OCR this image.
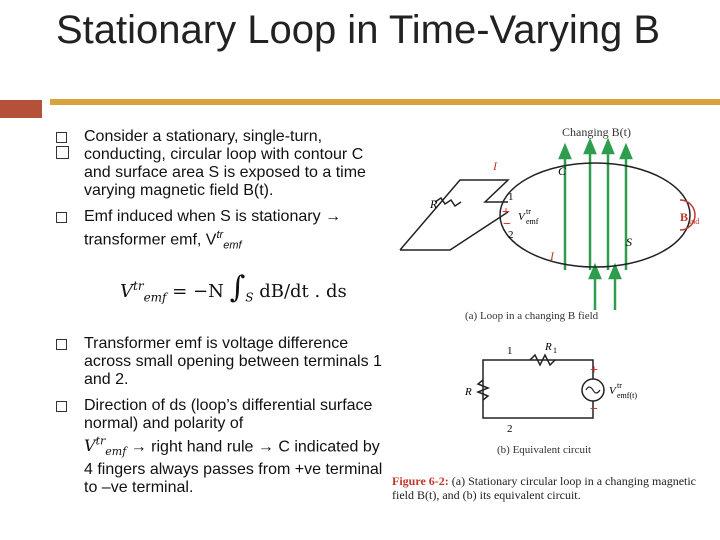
Stationary Loop in Time-Varying B
Consider a stationary, single-turn, conducting, circular loop with contour C and surface area S is exposed to a time varying magnetic field B(t).
Emf induced when S is stationary → transformer emf, $V^{tr}_{emf}$
Transformer emf is voltage difference across small opening between terminals 1 and 2.
Direction of ds (loop’s differential surface normal) and polarity of
$V^{tr}_{emf}$ → right hand rule → C indicated by 4 fingers always passes from +ve terminal to –ve terminal.
$V^{tr}_{emf} = -N$ $\int_S$ dB/dt . ds
Changing B(t)
R
I	C
1
2
+
− V tr
emf
S
I
B ind
(a) Loop in a changing B field
R 1
R
1
2
+
−
V tr
emf(t)
(b) Equivalent circuit
Figure 6-2: (a) Stationary circular loop in a changing magnetic field B(t), and (b) its equivalent circuit.
